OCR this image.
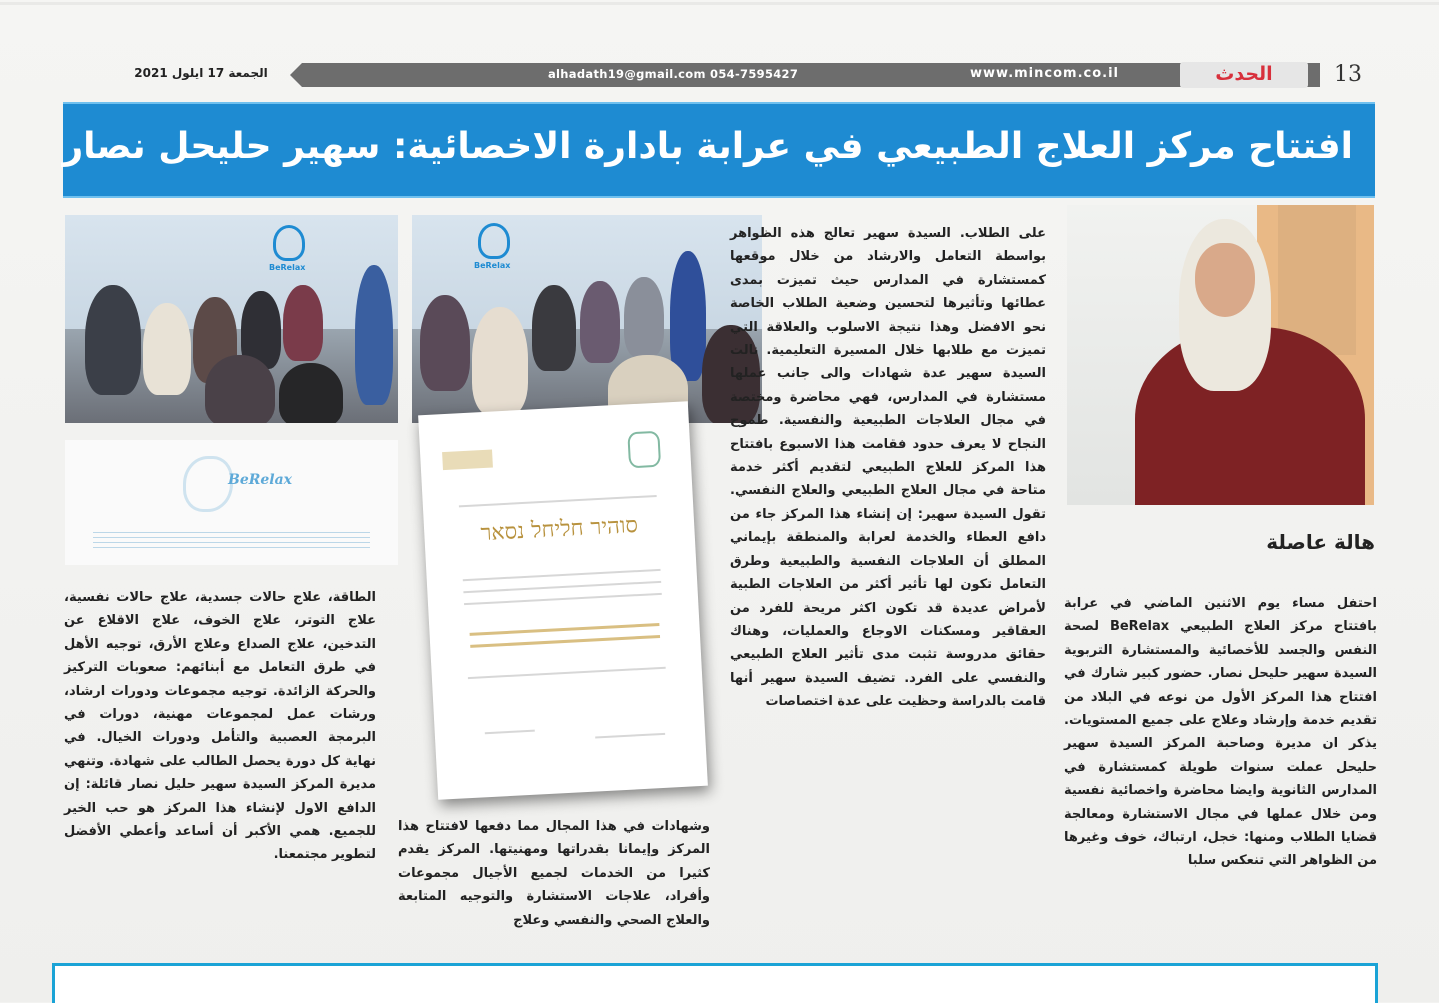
الجمعة 17 ايلول 2021	alhadath19@gmail.com 054-7595427	www.mincom.co.il	الحدث	13
افتتاح مركز العلاج الطبيعي في عرابة بادارة الاخصائية: سهير حليحل نصار
BeRelax	BeRelax
BeRelax
סוהיר חליחל נסאר	هالة عاصلة

احتفل مساء يوم الاثنين الماضي في عرابة بافتتاح مركز العلاج الطبيعي BeRelax لصحة النفس والجسد للأخصائية والمستشارة التربوية السيدة سهير حليحل نصار. حضور كبير شارك في افتتاح هذا المركز الأول من نوعه في البلاد من تقديم خدمة وإرشاد وعلاج على جميع المستويات. يذكر ان مديرة وصاحبة المركز السيدة سهير حليحل عملت سنوات طويلة كمستشارة في المدارس الثانوية وايضا محاضرة واخصائية نفسية ومن خلال عملها في مجال الاستشارة ومعالجة قضايا الطلاب ومنها: خجل، ارتباك، خوف وغيرها من الظواهر التي تنعكس سلبا

على الطلاب. السيدة سهير تعالج هذه الظواهر بواسطة التعامل والارشاد من خلال موقعها كمستشارة في المدارس حيث تميزت بمدى عطائها وتأثيرها لتحسين وضعية الطلاب الخاصة نحو الافضل وهذا نتيجة الاسلوب والعلاقة التي تميزت مع طلابها خلال المسيرة التعليمية. نالت السيدة سهير عدة شهادات والى جانب عملها مستشارة في المدارس، فهي محاضرة ومختصة في مجال العلاجات الطبيعية والنفسية. طموح النجاح لا يعرف حدود فقامت هذا الاسبوع بافتتاح هذا المركز للعلاج الطبيعي لتقديم أكثر خدمة متاحة في مجال العلاج الطبيعي والعلاج النفسي. تقول السيدة سهير: إن إنشاء هذا المركز جاء من دافع العطاء والخدمة لعرابة والمنطقة بإيماني المطلق أن العلاجات النفسية والطبيعية وطرق التعامل تكون لها تأثير أكثر من العلاجات الطبية لأمراض عديدة قد تكون اكثر مريحة للفرد من العقاقير ومسكنات الاوجاع والعمليات، وهناك حقائق مدروسة تثبت مدى تأثير العلاج الطبيعي والنفسي على الفرد. تضيف السيدة سهير أنها قامت بالدراسة وحظيت على عدة اختصاصات

وشهادات في هذا المجال مما دفعها لافتتاح هذا المركز وإيمانا بقدراتها ومهنيتها. المركز يقدم كثيرا من الخدمات لجميع الأجيال مجموعات وأفراد، علاجات الاستشارة والتوجيه المتابعة والعلاج الصحي والنفسي وعلاج

الطاقة، علاج حالات جسدية، علاج حالات نفسية، علاج التوتر، علاج الخوف، علاج الاقلاع عن التدخين، علاج الصداع وعلاج الأرق، توجيه الأهل في طرق التعامل مع أبنائهم: صعوبات التركيز والحركة الزائدة. توجيه مجموعات ودورات ارشاد، ورشات عمل لمجموعات مهنية، دورات في البرمجة العصبية والتأمل ودورات الخيال. في نهاية كل دورة يحصل الطالب على شهادة. وتنهي مديرة المركز السيدة سهير حليل نصار قائلة: إن الدافع الاول لإنشاء هذا المركز هو حب الخير للجميع. همي الأكبر أن أساعد وأعطي الأفضل لتطوير مجتمعنا.
